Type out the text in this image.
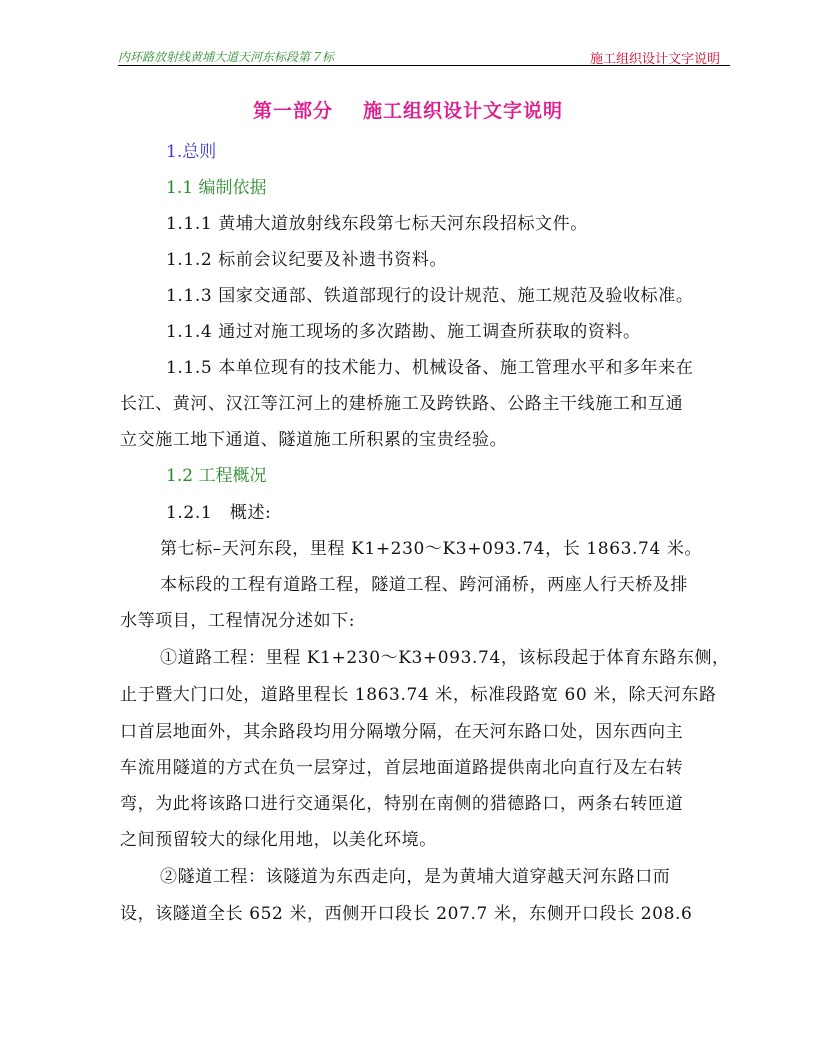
内环路放射线黄埔大道天河东标段第７标	施工组织设计文字说明
第一部分 施工组织设计文字说明
1.总则
1.1 编制依据
1.1.1 黄埔大道放射线东段第七标天河东段招标文件。
1.1.2 标前会议纪要及补遗书资料。
1.1.3 国家交通部、铁道部现行的设计规范、施工规范及验收标准。
1.1.4 通过对施工现场的多次踏勘、施工调查所获取的资料。
1.1.5 本单位现有的技术能力、机械设备、施工管理水平和多年来在
长江、黄河、汉江等江河上的建桥施工及跨铁路、公路主干线施工和互通
立交施工地下通道、隧道施工所积累的宝贵经验。
1.2 工程概况
1.2.1　概述:
第七标–天河东段，里程 K1+230～K3+093.74，长 1863.74 米。
本标段的工程有道路工程，隧道工程、跨河涌桥，两座人行天桥及排
水等项目，工程情况分述如下:
①道路工程：里程 K1+230～K3+093.74，该标段起于体育东路东侧，
止于暨大门口处，道路里程长 1863.74 米，标准段路宽 60 米，除天河东路
口首层地面外，其余路段均用分隔墩分隔，在天河东路口处，因东西向主
车流用隧道的方式在负一层穿过，首层地面道路提供南北向直行及左右转
弯，为此将该路口进行交通渠化，特别在南侧的猎德路口，两条右转匝道
之间预留较大的绿化用地，以美化环境。
②隧道工程：该隧道为东西走向，是为黄埔大道穿越天河东路口而
设，该隧道全长 652 米，西侧开口段长 207.7 米，东侧开口段长 208.6
